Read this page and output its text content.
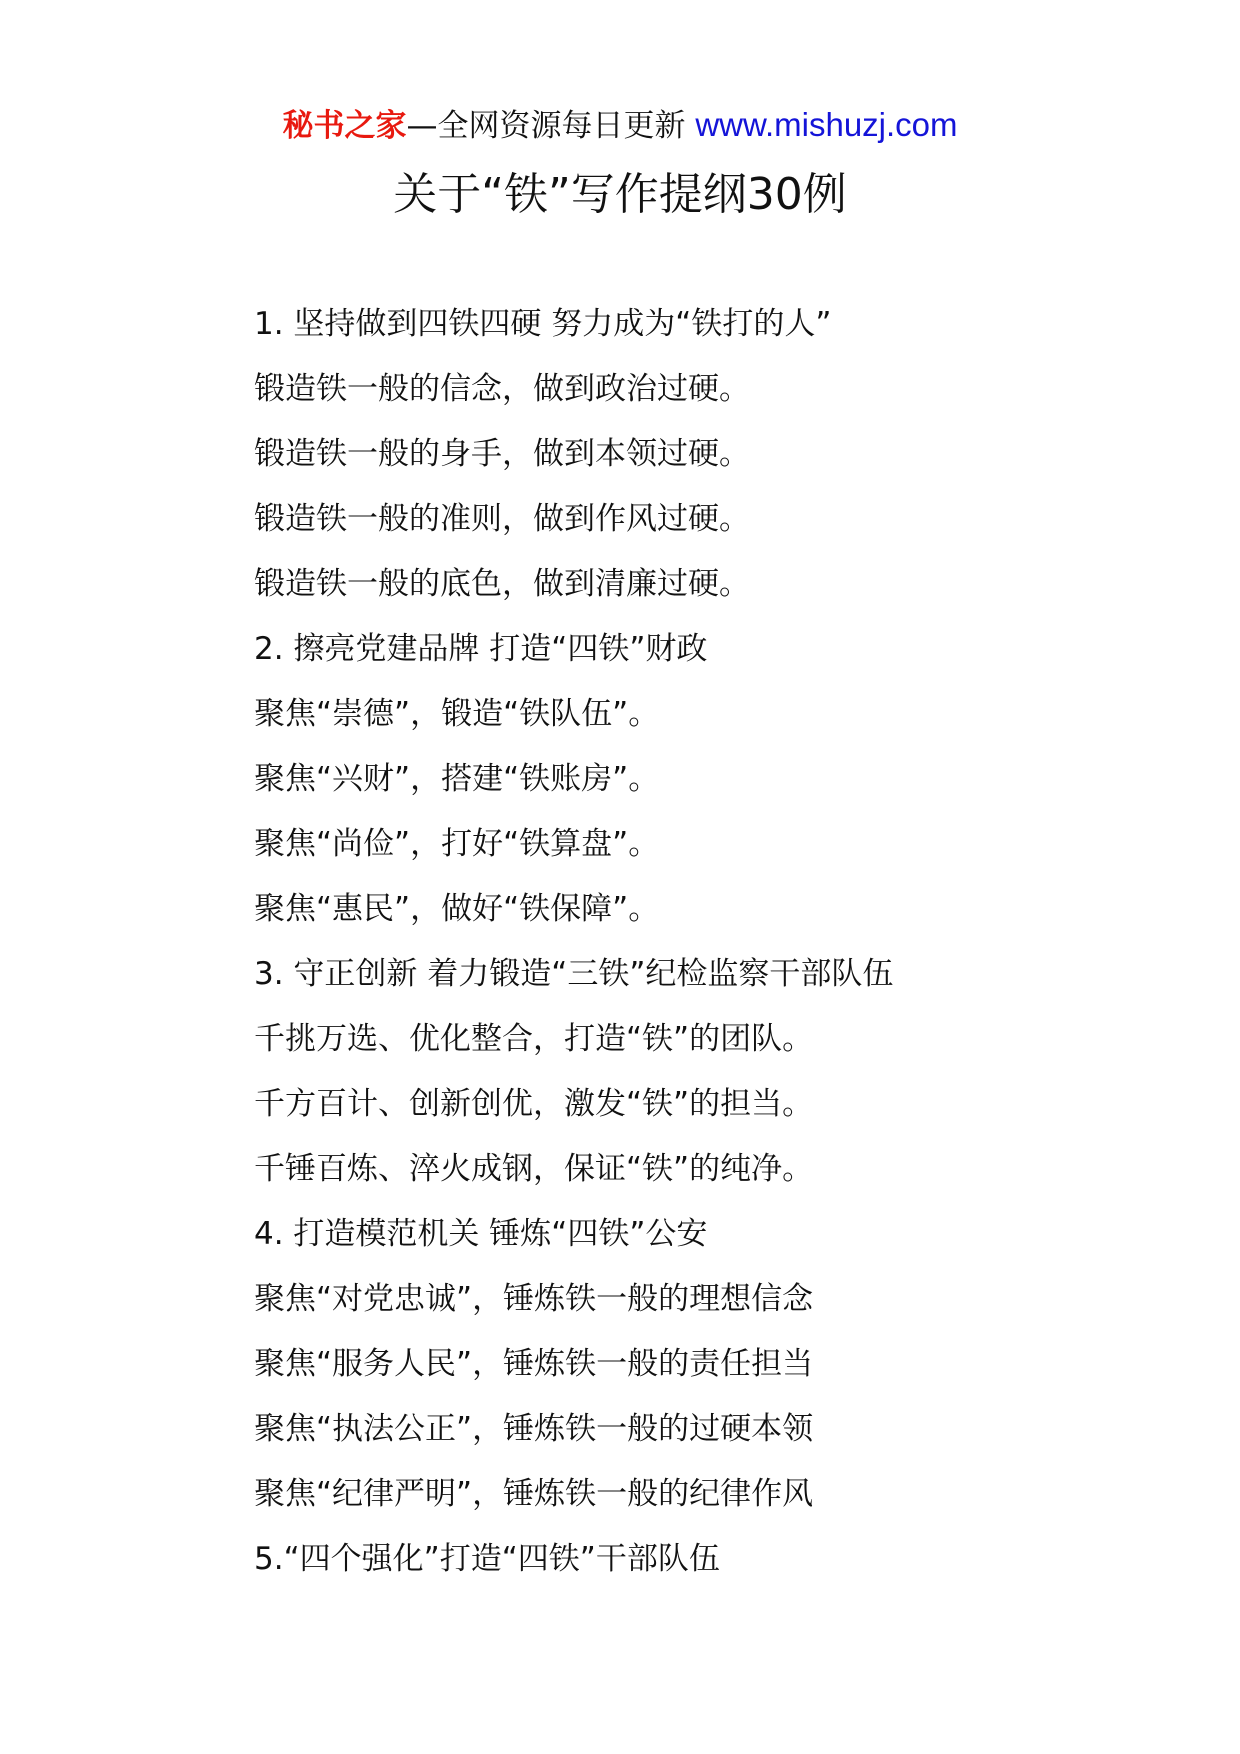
秘书之家—全网资源每日更新 www.mishuzj.com
关于“铁”写作提纲30例
1. 坚持做到四铁四硬 努力成为“铁打的人”
锻造铁一般的信念，做到政治过硬。
锻造铁一般的身手，做到本领过硬。
锻造铁一般的准则，做到作风过硬。
锻造铁一般的底色，做到清廉过硬。
2. 擦亮党建品牌 打造“四铁”财政
聚焦“崇德”，锻造“铁队伍”。
聚焦“兴财”，搭建“铁账房”。
聚焦“尚俭”，打好“铁算盘”。
聚焦“惠民”，做好“铁保障”。
3. 守正创新 着力锻造“三铁”纪检监察干部队伍
千挑万选、优化整合，打造“铁”的团队。
千方百计、创新创优，激发“铁”的担当。
千锤百炼、淬火成钢，保证“铁”的纯净。
4. 打造模范机关 锤炼“四铁”公安
聚焦“对党忠诚”，锤炼铁一般的理想信念
聚焦“服务人民”，锤炼铁一般的责任担当
聚焦“执法公正”，锤炼铁一般的过硬本领
聚焦“纪律严明”，锤炼铁一般的纪律作风
5.“四个强化”打造“四铁”干部队伍
